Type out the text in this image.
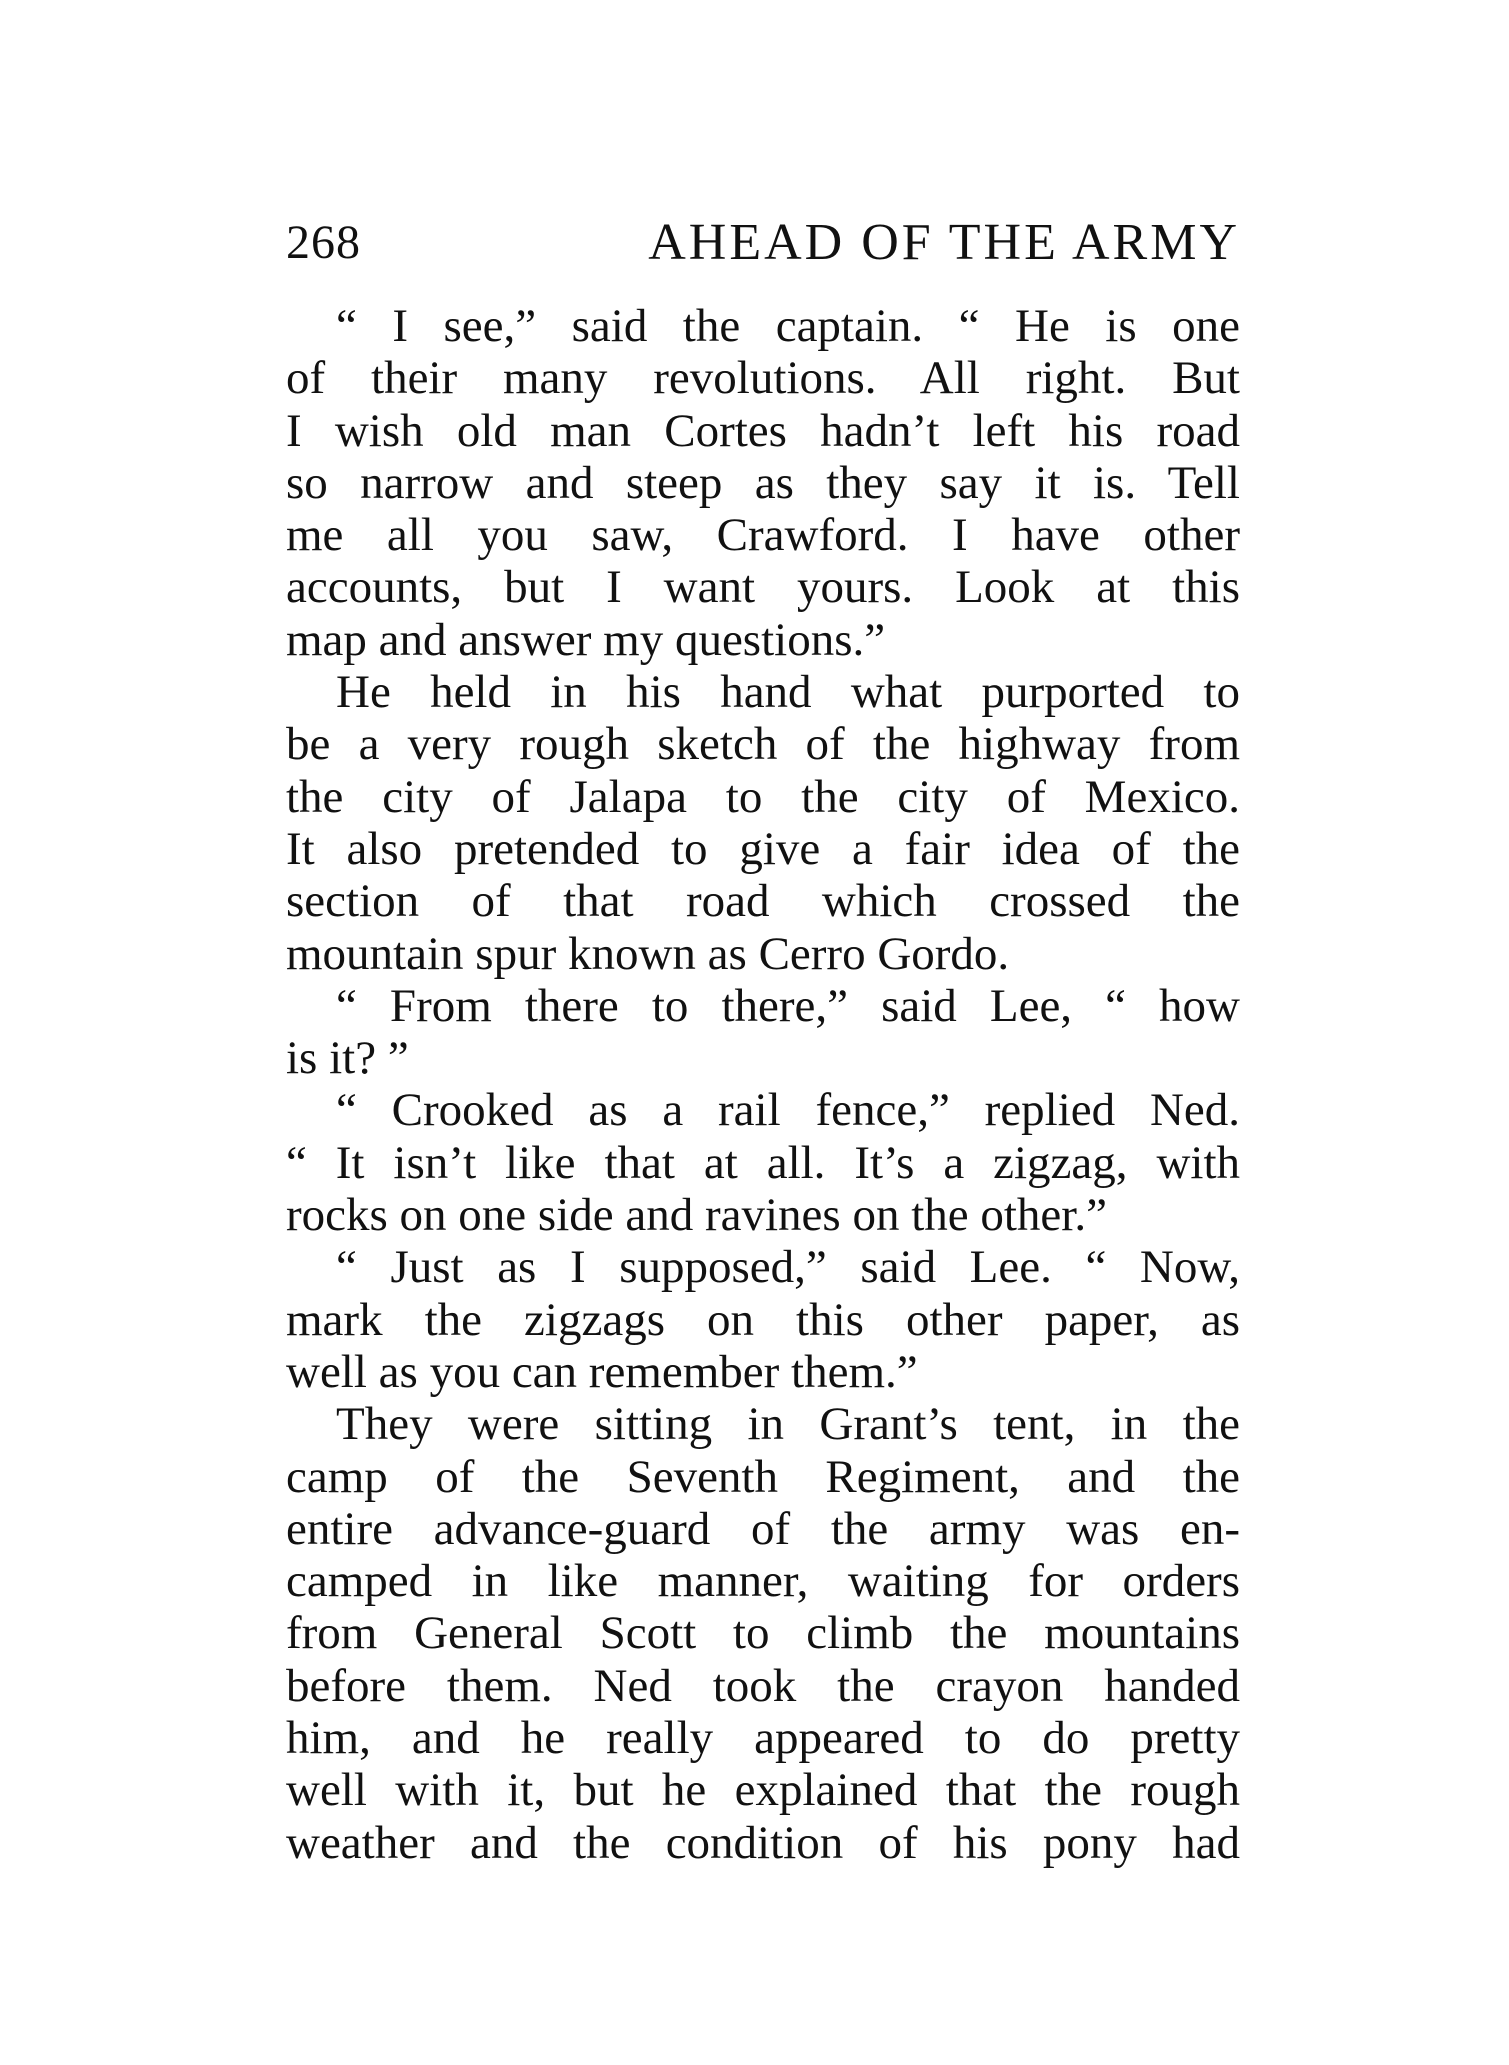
268	AHEAD OF THE ARMY
“ I see,” said the captain. “ He is one
of their many revolutions. All right. But
I wish old man Cortes hadn’t left his road
so narrow and steep as they say it is. Tell
me all you saw, Crawford. I have other
accounts, but I want yours. Look at this
map and answer my questions.”
He held in his hand what purported to
be a very rough sketch of the highway from
the city of Jalapa to the city of Mexico.
It also pretended to give a fair idea of the
section of that road which crossed the
mountain spur known as Cerro Gordo.
“ From there to there,” said Lee, “ how
is it? ”
“ Crooked as a rail fence,” replied Ned.
“ It isn’t like that at all. It’s a zigzag, with
rocks on one side and ravines on the other.”
“ Just as I supposed,” said Lee. “ Now,
mark the zigzags on this other paper, as
well as you can remember them.”
They were sitting in Grant’s tent, in the
camp of the Seventh Regiment, and the
entire advance-guard of the army was en-
camped in like manner, waiting for orders
from General Scott to climb the mountains
before them. Ned took the crayon handed
him, and he really appeared to do pretty
well with it, but he explained that the rough
weather and the condition of his pony had
